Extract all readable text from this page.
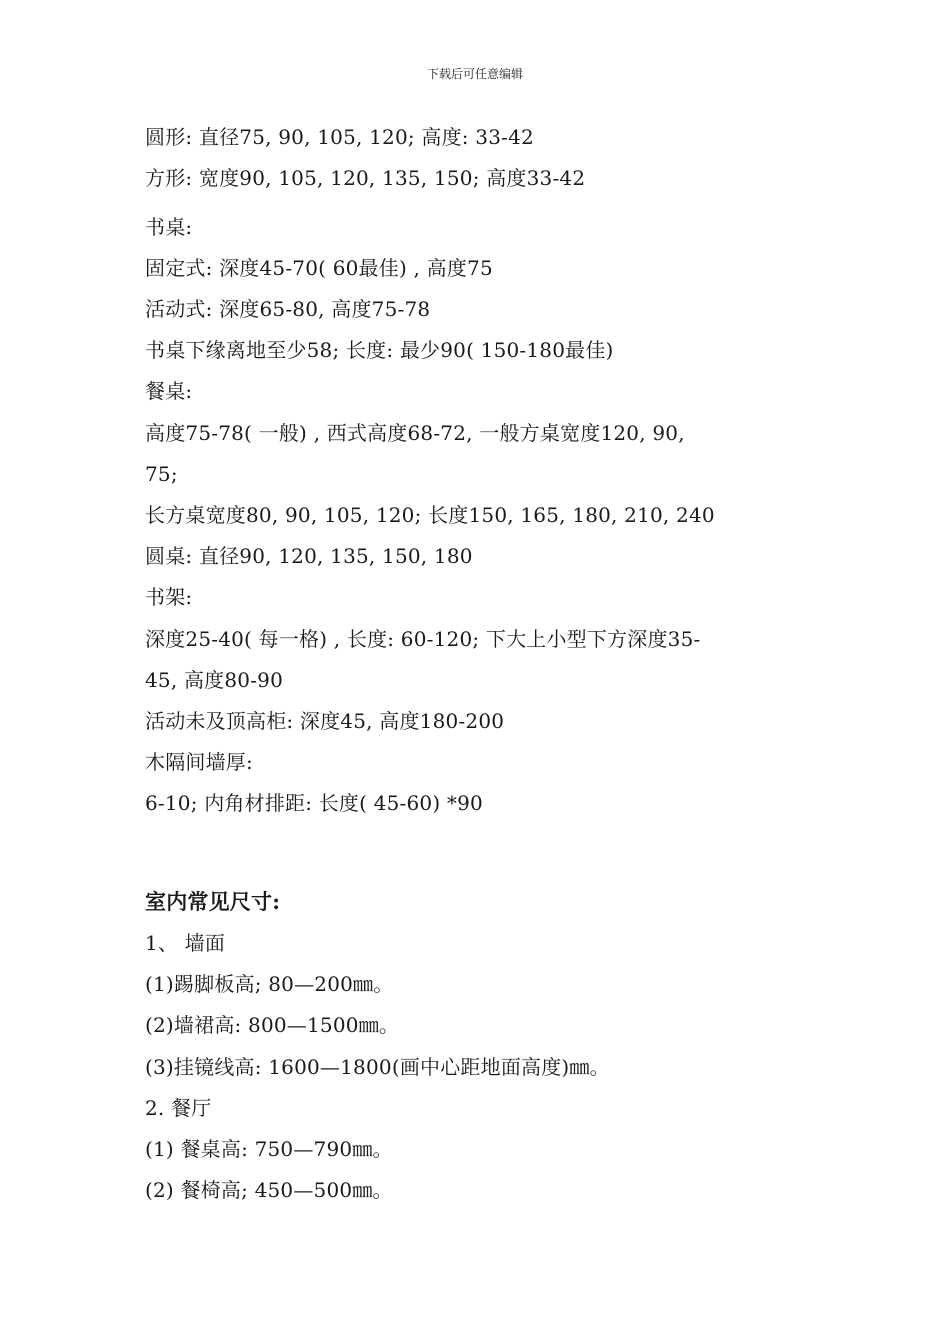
下载后可任意编辑
圆形: 直径75, 90, 105, 120; 高度: 33-42
方形: 宽度90, 105, 120, 135, 150; 高度33-42
书桌:
固定式: 深度45-70( 60最佳) , 高度75
活动式: 深度65-80, 高度75-78
书桌下缘离地至少58; 长度: 最少90( 150-180最佳)
餐桌:
高度75-78( 一般) , 西式高度68-72, 一般方桌宽度120, 90,
75;
长方桌宽度80, 90, 105, 120; 长度150, 165, 180, 210, 240
圆桌: 直径90, 120, 135, 150, 180
书架:
深度25-40( 每一格) , 长度: 60-120; 下大上小型下方深度35-
45, 高度80-90
活动未及顶高柜: 深度45, 高度180-200
木隔间墙厚:
6-10; 内角材排距: 长度( 45-60) *90
室内常见尺寸:
1、 墙面
(1)踢脚板高; 80—200㎜。
(2)墙裙高: 800—1500㎜。
(3)挂镜线高: 1600—1800(画中心距地面高度)㎜。
2. 餐厅
(1) 餐桌高: 750—790㎜。
(2) 餐椅高; 450—500㎜。
